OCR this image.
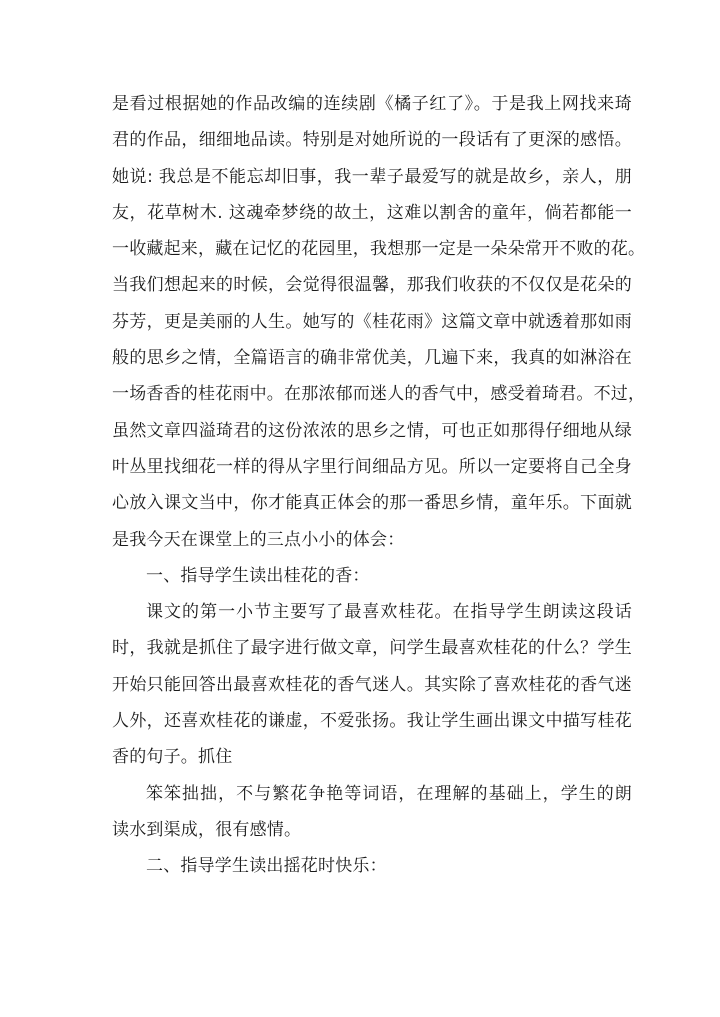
是看过根据她的作品改编的连续剧《橘子红了》。于是我上网找来琦
君的作品，细细地品读。特别是对她所说的一段话有了更深的感悟。
她说: 我总是不能忘却旧事，我一辈子最爱写的就是故乡，亲人，朋
友，花草树木. 这魂牵梦绕的故土，这难以割舍的童年，倘若都能一
一收藏起来，藏在记忆的花园里，我想那一定是一朵朵常开不败的花。
当我们想起来的时候，会觉得很温馨，那我们收获的不仅仅是花朵的
芬芳，更是美丽的人生。她写的《桂花雨》这篇文章中就透着那如雨
般的思乡之情，全篇语言的确非常优美，几遍下来，我真的如淋浴在
一场香香的桂花雨中。在那浓郁而迷人的香气中，感受着琦君。不过，
虽然文章四溢琦君的这份浓浓的思乡之情，可也正如那得仔细地从绿
叶丛里找细花一样的得从字里行间细品方见。所以一定要将自己全身
心放入课文当中，你才能真正体会的那一番思乡情，童年乐。下面就
是我今天在课堂上的三点小小的体会：
一、指导学生读出桂花的香：
课文的第一小节主要写了最喜欢桂花。在指导学生朗读这段话
时，我就是抓住了最字进行做文章，问学生最喜欢桂花的什么？学生
开始只能回答出最喜欢桂花的香气迷人。其实除了喜欢桂花的香气迷
人外，还喜欢桂花的谦虚，不爱张扬。我让学生画出课文中描写桂花
香的句子。抓住
笨笨拙拙，不与繁花争艳等词语，在理解的基础上，学生的朗
读水到渠成，很有感情。
二、指导学生读出摇花时快乐：
